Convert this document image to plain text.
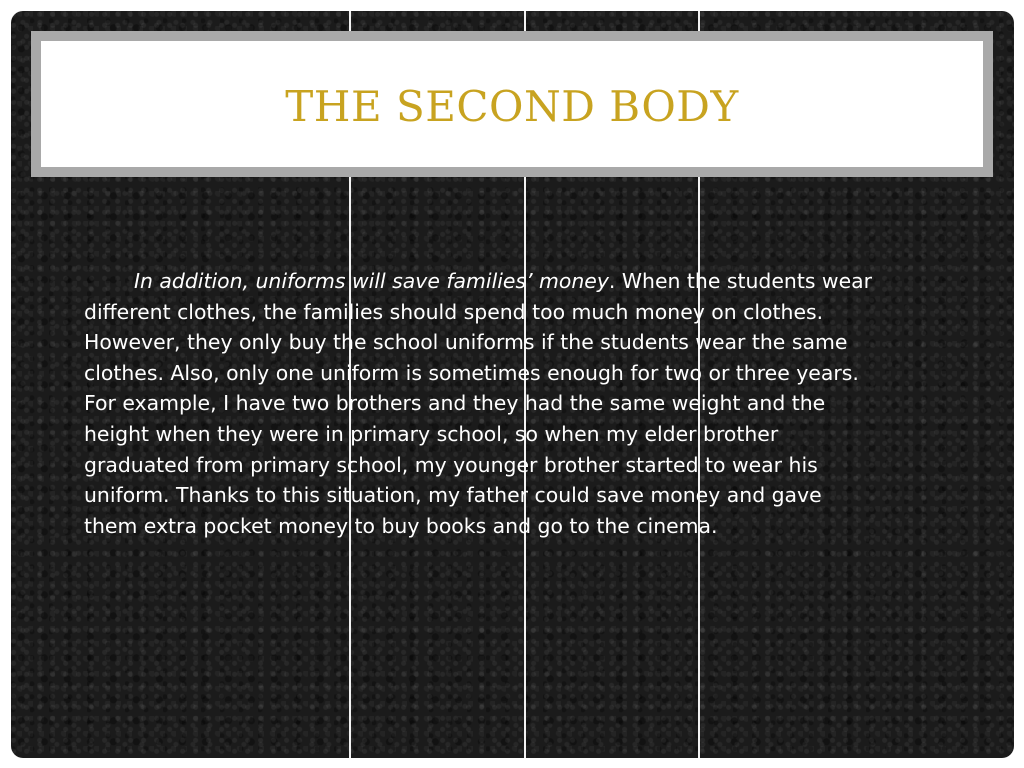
THE SECOND BODY

In addition, uniforms will save families’ money. When the students wear different clothes, the families should spend too much money on clothes. However, they only buy the school uniforms if the students wear the same clothes. Also, only one uniform is sometimes enough for two or three years. For example, I have two brothers and they had the same weight and the height when they were in primary school, so when my elder brother graduated from primary school, my younger brother started to wear his uniform. Thanks to this situation, my father could save money and gave them extra pocket money to buy books and go to the cinema.
